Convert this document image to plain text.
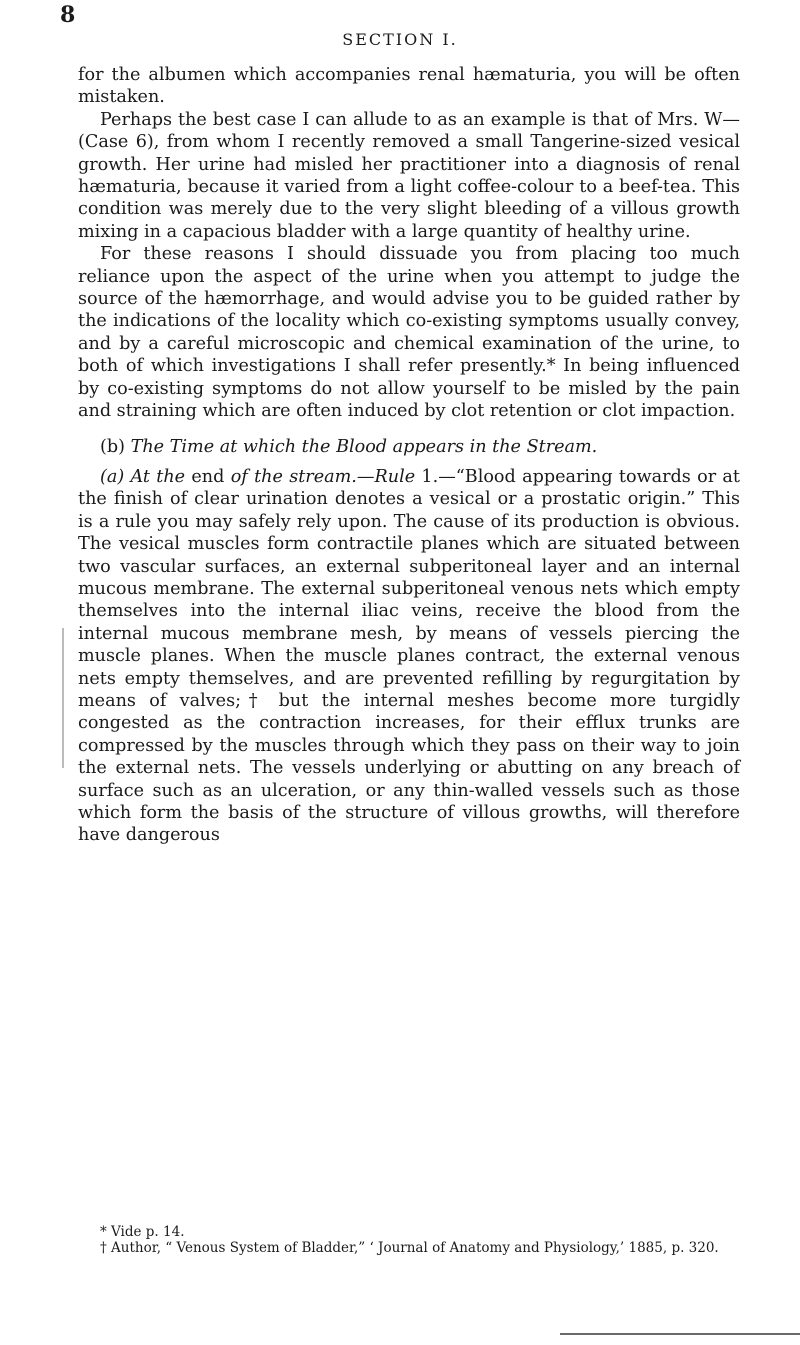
8
SECTION I.

for the albumen which accompanies renal hæmaturia, you will be often mistaken.

Perhaps the best case I can allude to as an example is that of Mrs. W— (Case 6), from whom I recently removed a small Tangerine-sized vesical growth. Her urine had misled her practitioner into a diagnosis of renal hæmaturia, because it varied from a light coffee-colour to a beef-tea. This condition was merely due to the very slight bleeding of a villous growth mixing in a capacious bladder with a large quantity of healthy urine.

For these reasons I should dissuade you from placing too much reliance upon the aspect of the urine when you attempt to judge the source of the hæmorrhage, and would advise you to be guided rather by the indications of the locality which co-existing symptoms usually convey, and by a careful microscopic and chemical examination of the urine, to both of which investigations I shall refer presently.* In being influenced by co-existing symptoms do not allow yourself to be misled by the pain and straining which are often induced by clot retention or clot impaction.

(b) The Time at which the Blood appears in the Stream.

(a) At the end of the stream.—Rule 1.—“Blood appearing towards or at the finish of clear urination denotes a vesical or a prostatic origin.” This is a rule you may safely rely upon. The cause of its production is obvious. The vesical muscles form contractile planes which are situated between two vascular surfaces, an external subperitoneal layer and an internal mucous membrane. The external subperitoneal venous nets which empty themselves into the internal iliac veins, receive the blood from the internal mucous membrane mesh, by means of vessels piercing the muscle planes. When the muscle planes contract, the external venous nets empty themselves, and are prevented refilling by regurgitation by means of valves;† but the internal meshes become more turgidly congested as the contraction increases, for their efflux trunks are compressed by the muscles through which they pass on their way to join the external nets. The vessels underlying or abutting on any breach of surface such as an ulceration, or any thin-walled vessels such as those which form the basis of the structure of villous growths, will therefore have dangerous

* Vide p. 14.

† Author, “ Venous System of Bladder,” ‘ Journal of Anatomy and Physiology,’ 1885, p. 320.
